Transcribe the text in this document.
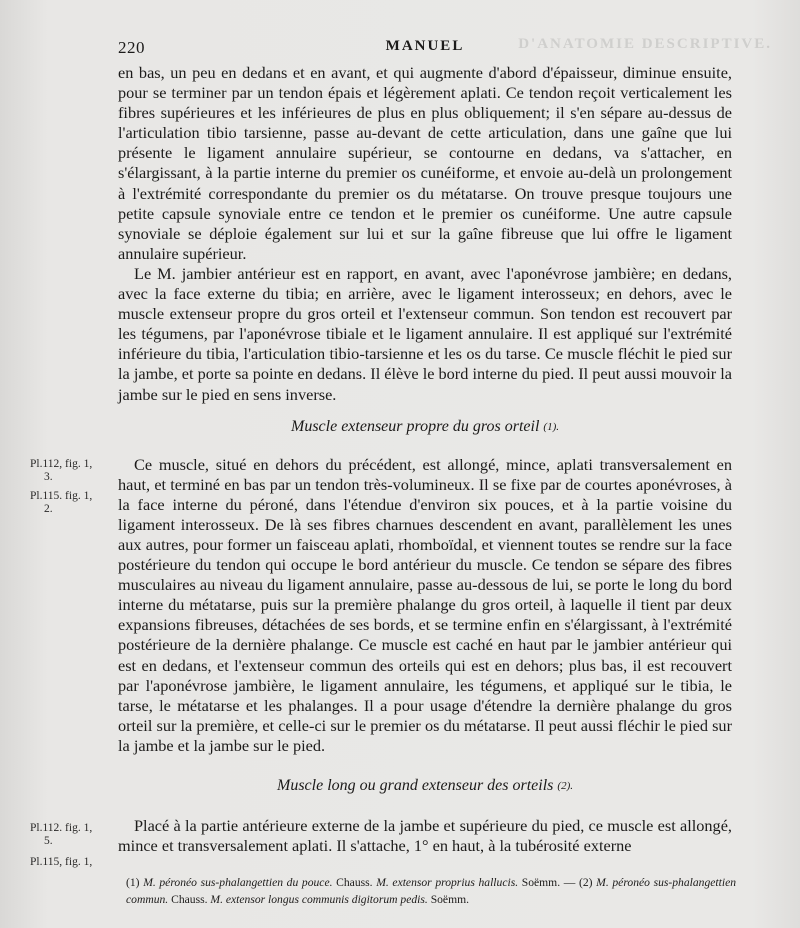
220	MANUEL	D'ANATOMIE DESCRIPTIVE.

en bas, un peu en dedans et en avant, et qui augmente d'abord d'épaisseur, diminue ensuite, pour se terminer par un tendon épais et légèrement aplati. Ce tendon reçoit verticalement les fibres supérieures et les inférieures de plus en plus obliquement; il s'en sépare au-dessus de l'articulation tibio tarsienne, passe au-devant de cette articulation, dans une gaîne que lui présente le ligament annulaire supérieur, se contourne en dedans, va s'attacher, en s'élargissant, à la partie interne du premier os cunéiforme, et envoie au-delà un prolongement à l'extrémité correspondante du premier os du métatarse. On trouve presque toujours une petite capsule synoviale entre ce tendon et le premier os cunéiforme. Une autre capsule synoviale se déploie également sur lui et sur la gaîne fibreuse que lui offre le ligament annulaire supérieur.

Le M. jambier antérieur est en rapport, en avant, avec l'aponévrose jambière; en dedans, avec la face externe du tibia; en arrière, avec le ligament interosseux; en dehors, avec le muscle extenseur propre du gros orteil et l'extenseur commun. Son tendon est recouvert par les tégumens, par l'aponévrose tibiale et le ligament annulaire. Il est appliqué sur l'extrémité inférieure du tibia, l'articulation tibio-tarsienne et les os du tarse. Ce muscle fléchit le pied sur la jambe, et porte sa pointe en dedans. Il élève le bord interne du pied. Il peut aussi mouvoir la jambe sur le pied en sens inverse.

Muscle extenseur propre du gros orteil (1).

Ce muscle, situé en dehors du précédent, est allongé, mince, aplati transversalement en haut, et terminé en bas par un tendon très-volumineux. Il se fixe par de courtes aponévroses, à la face interne du péroné, dans l'étendue d'environ six pouces, et à la partie voisine du ligament interosseux. De là ses fibres charnues descendent en avant, parallèlement les unes aux autres, pour former un faisceau aplati, rhomboïdal, et viennent toutes se rendre sur la face postérieure du tendon qui occupe le bord antérieur du muscle. Ce tendon se sépare des fibres musculaires au niveau du ligament annulaire, passe au-dessous de lui, se porte le long du bord interne du métatarse, puis sur la première phalange du gros orteil, à laquelle il tient par deux expansions fibreuses, détachées de ses bords, et se termine enfin en s'élargissant, à l'extrémité postérieure de la dernière phalange. Ce muscle est caché en haut par le jambier antérieur qui est en dedans, et l'extenseur commun des orteils qui est en dehors; plus bas, il est recouvert par l'aponévrose jambière, le ligament annulaire, les tégumens, et appliqué sur le tibia, le tarse, le métatarse et les phalanges. Il a pour usage d'étendre la dernière phalange du gros orteil sur la première, et celle-ci sur le premier os du métatarse. Il peut aussi fléchir le pied sur la jambe et la jambe sur le pied.

Muscle long ou grand extenseur des orteils (2).

Placé à la partie antérieure externe de la jambe et supérieure du pied, ce muscle est allongé, mince et transversalement aplati. Il s'attache, 1° en haut, à la tubérosité externe

Pl.112, fig. 1,
3.
Pl.115. fig. 1,
2.
Pl.112. fig. 1,
5.
Pl.115, fig. 1,
(1) M. péronéo sus-phalangettien du pouce. Chauss. M. extensor proprius hallucis. Soëmm. — (2) M. péronéo sus-phalangettien commun. Chauss. M. extensor longus communis digitorum pedis. Soëmm.
